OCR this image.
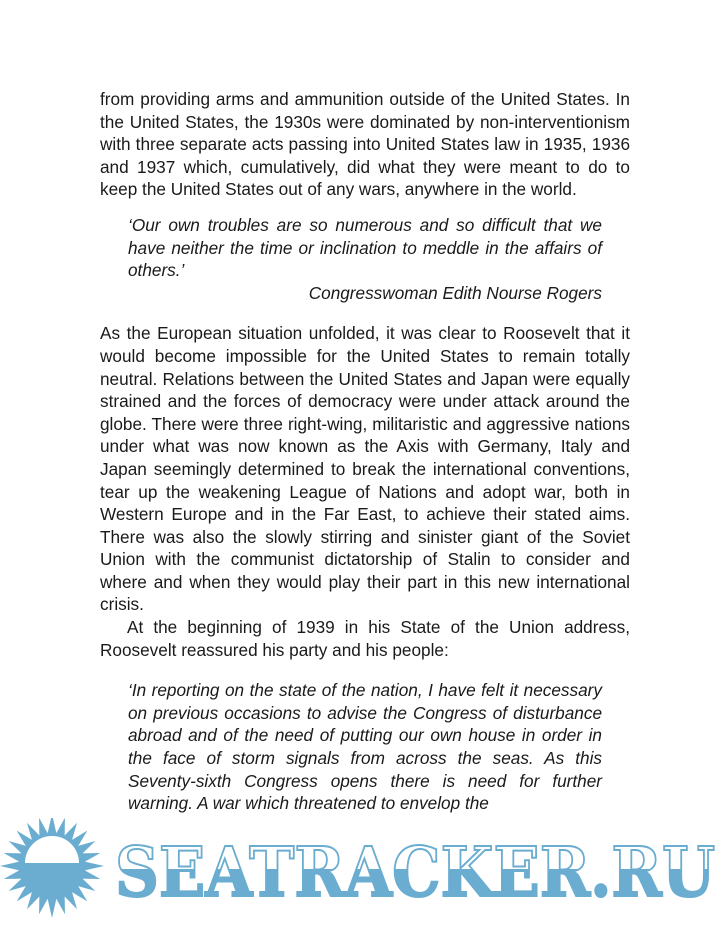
from providing arms and ammunition outside of the United States. In the United States, the 1930s were dominated by non-interventionism with three separate acts passing into United States law in 1935, 1936 and 1937 which, cumulatively, did what they were meant to do to keep the United States out of any wars, anywhere in the world.

‘Our own troubles are so numerous and so difficult that we have neither the time or inclination to meddle in the affairs of others.’

Congresswoman Edith Nourse Rogers

As the European situation unfolded, it was clear to Roosevelt that it would become impossible for the United States to remain totally neutral. Relations between the United States and Japan were equally strained and the forces of democracy were under attack around the globe. There were three right-wing, militaristic and aggressive nations under what was now known as the Axis with Germany, Italy and Japan seemingly determined to break the international conventions, tear up the weakening League of Nations and adopt war, both in Western Europe and in the Far East, to achieve their stated aims. There was also the slowly stirring and sinister giant of the Soviet Union with the communist dictatorship of Stalin to consider and where and when they would play their part in this new international crisis.

At the beginning of 1939 in his State of the Union address, Roosevelt reassured his party and his people:

‘In reporting on the state of the nation, I have felt it necessary on previous occasions to advise the Congress of disturbance abroad and of the need of putting our own house in order in the face of storm signals from across the seas. As this Seventy-sixth Congress opens there is need for further warning. A war which threatened to envelop the

SEATRACKER.RU
